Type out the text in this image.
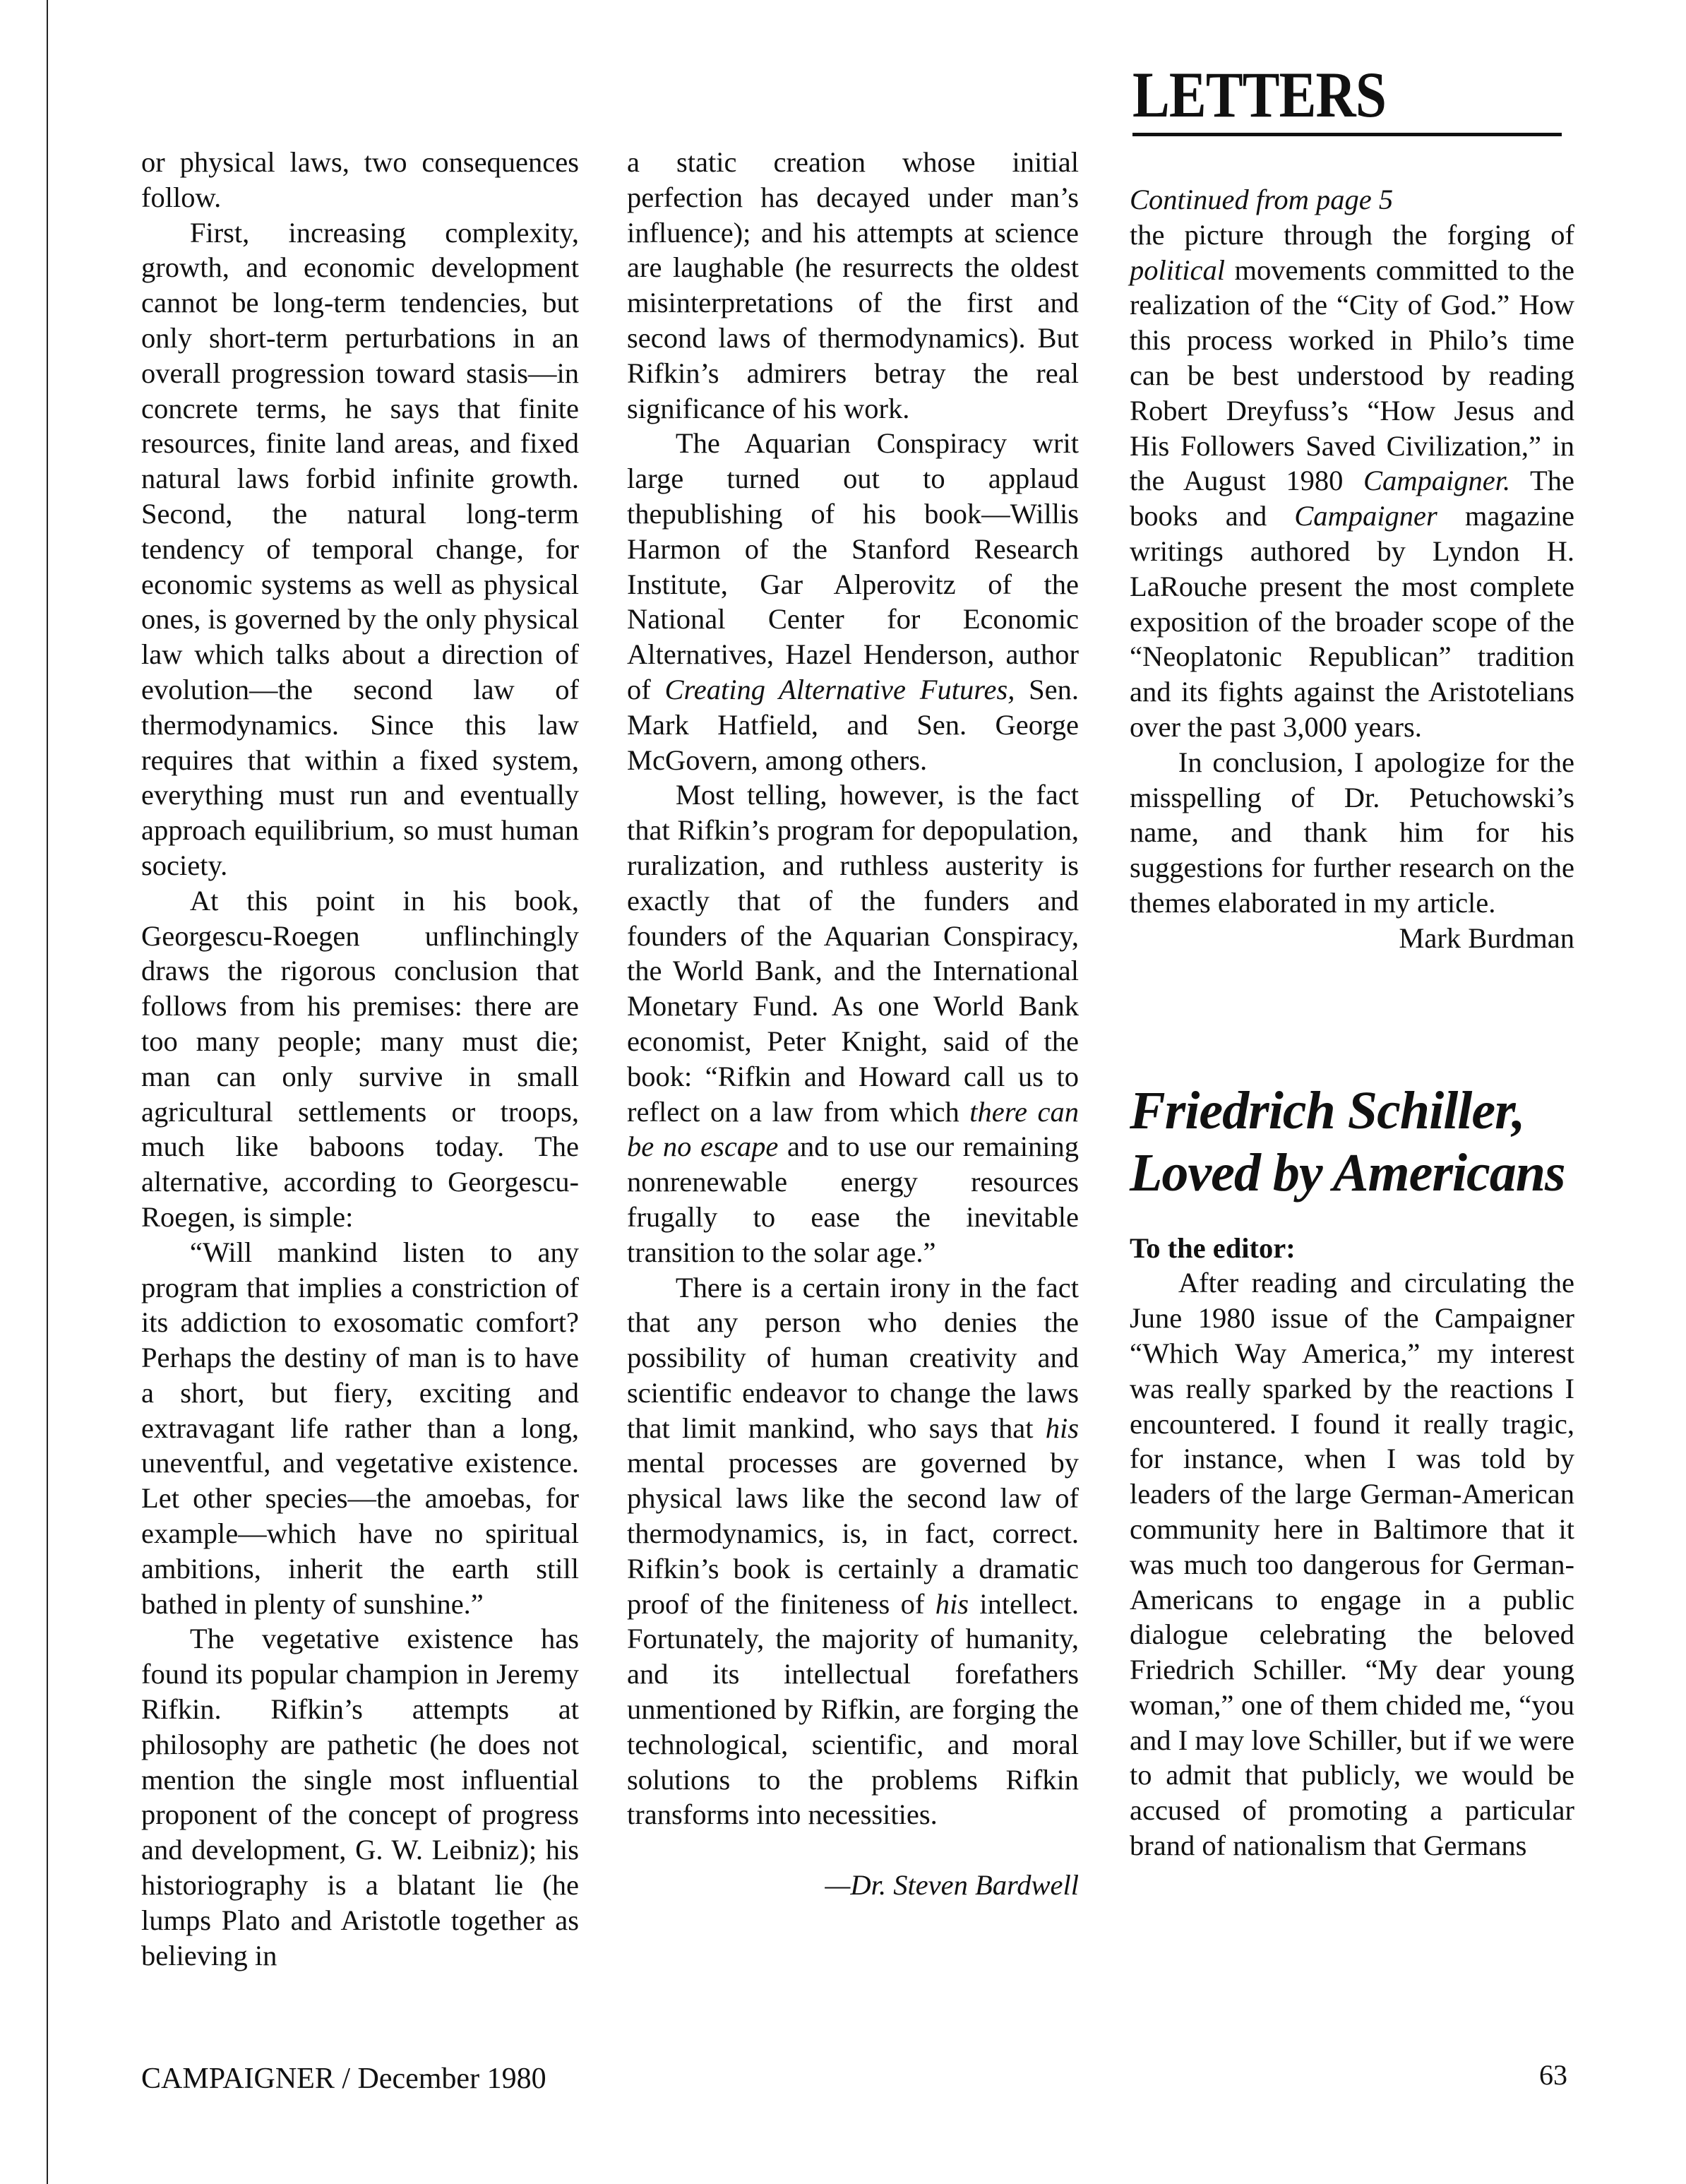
LETTERS

or physical laws, two consequences follow.

First, increasing complexity, growth, and economic development cannot be long-term tendencies, but only short-term perturbations in an overall progression toward stasis—in concrete terms, he says that finite resources, finite land areas, and fixed natural laws forbid infinite growth. Second, the natural long-term tendency of temporal change, for economic systems as well as physical ones, is governed by the only physical law which talks about a direction of evolution—the second law of thermodynamics. Since this law requires that within a fixed system, everything must run and eventually approach equilibrium, so must human society.

At this point in his book, Georgescu-Roegen unflinchingly draws the rigorous conclusion that follows from his premises: there are too many people; many must die; man can only survive in small agricultural settlements or troops, much like baboons today. The alternative, according to Georgescu-Roegen, is simple:

“Will mankind listen to any program that implies a constriction of its addiction to exosomatic comfort? Perhaps the destiny of man is to have a short, but fiery, exciting and extravagant life rather than a long, uneventful, and vegetative existence. Let other species—the amoebas, for example—which have no spiritual ambitions, inherit the earth still bathed in plenty of sunshine.”

The vegetative existence has found its popular champion in Jeremy Rifkin. Rifkin’s attempts at philosophy are pathetic (he does not mention the single most influential proponent of the concept of progress and development, G. W. Leibniz); his historiography is a blatant lie (he lumps Plato and Aristotle together as believing in

a static creation whose initial perfection has decayed under man’s influence); and his attempts at science are laughable (he resurrects the oldest misinterpretations of the first and second laws of thermodynamics). But Rifkin’s admirers betray the real significance of his work.

The Aquarian Conspiracy writ large turned out to applaud thepublishing of his book—Willis Harmon of the Stanford Research Institute, Gar Alperovitz of the National Center for Economic Alternatives, Hazel Henderson, author of Creating Alternative Futures, Sen. Mark Hatfield, and Sen. George McGovern, among others.

Most telling, however, is the fact that Rifkin’s program for depopulation, ruralization, and ruthless austerity is exactly that of the funders and founders of the Aquarian Conspiracy, the World Bank, and the International Monetary Fund. As one World Bank economist, Peter Knight, said of the book: “Rifkin and Howard call us to reflect on a law from which there can be no escape and to use our remaining nonrenewable energy resources frugally to ease the inevitable transition to the solar age.”

There is a certain irony in the fact that any person who denies the possibility of human creativity and scientific endeavor to change the laws that limit mankind, who says that his mental processes are governed by physical laws like the second law of thermodynamics, is, in fact, correct. Rifkin’s book is certainly a dramatic proof of the finiteness of his intellect. Fortunately, the majority of humanity, and its intellectual forefathers unmentioned by Rifkin, are forging the technological, scientific, and moral solutions to the problems Rifkin transforms into necessities.

—Dr. Steven Bardwell

Continued from page 5

the picture through the forging of political movements committed to the realization of the “City of God.” How this process worked in Philo’s time can be best understood by reading Robert Dreyfuss’s “How Jesus and His Followers Saved Civilization,” in the August 1980 Campaigner. The books and Campaigner magazine writings authored by Lyndon H. LaRouche present the most complete exposition of the broader scope of the “Neoplatonic Republican” tradition and its fights against the Aristotelians over the past 3,000 years.

In conclusion, I apologize for the misspelling of Dr. Petuchowski’s name, and thank him for his suggestions for further research on the themes elaborated in my article.

Mark Burdman

Friedrich Schiller,
Loved by Americans

To the editor:

After reading and circulating the June 1980 issue of the Campaigner “Which Way America,” my interest was really sparked by the reactions I encountered. I found it really tragic, for instance, when I was told by leaders of the large German-American community here in Baltimore that it was much too dangerous for German-Americans to engage in a public dialogue celebrating the beloved Friedrich Schiller. “My dear young woman,” one of them chided me, “you and I may love Schiller, but if we were to admit that publicly, we would be accused of promoting a particular brand of nationalism that Germans

CAMPAIGNER / December 1980	63
